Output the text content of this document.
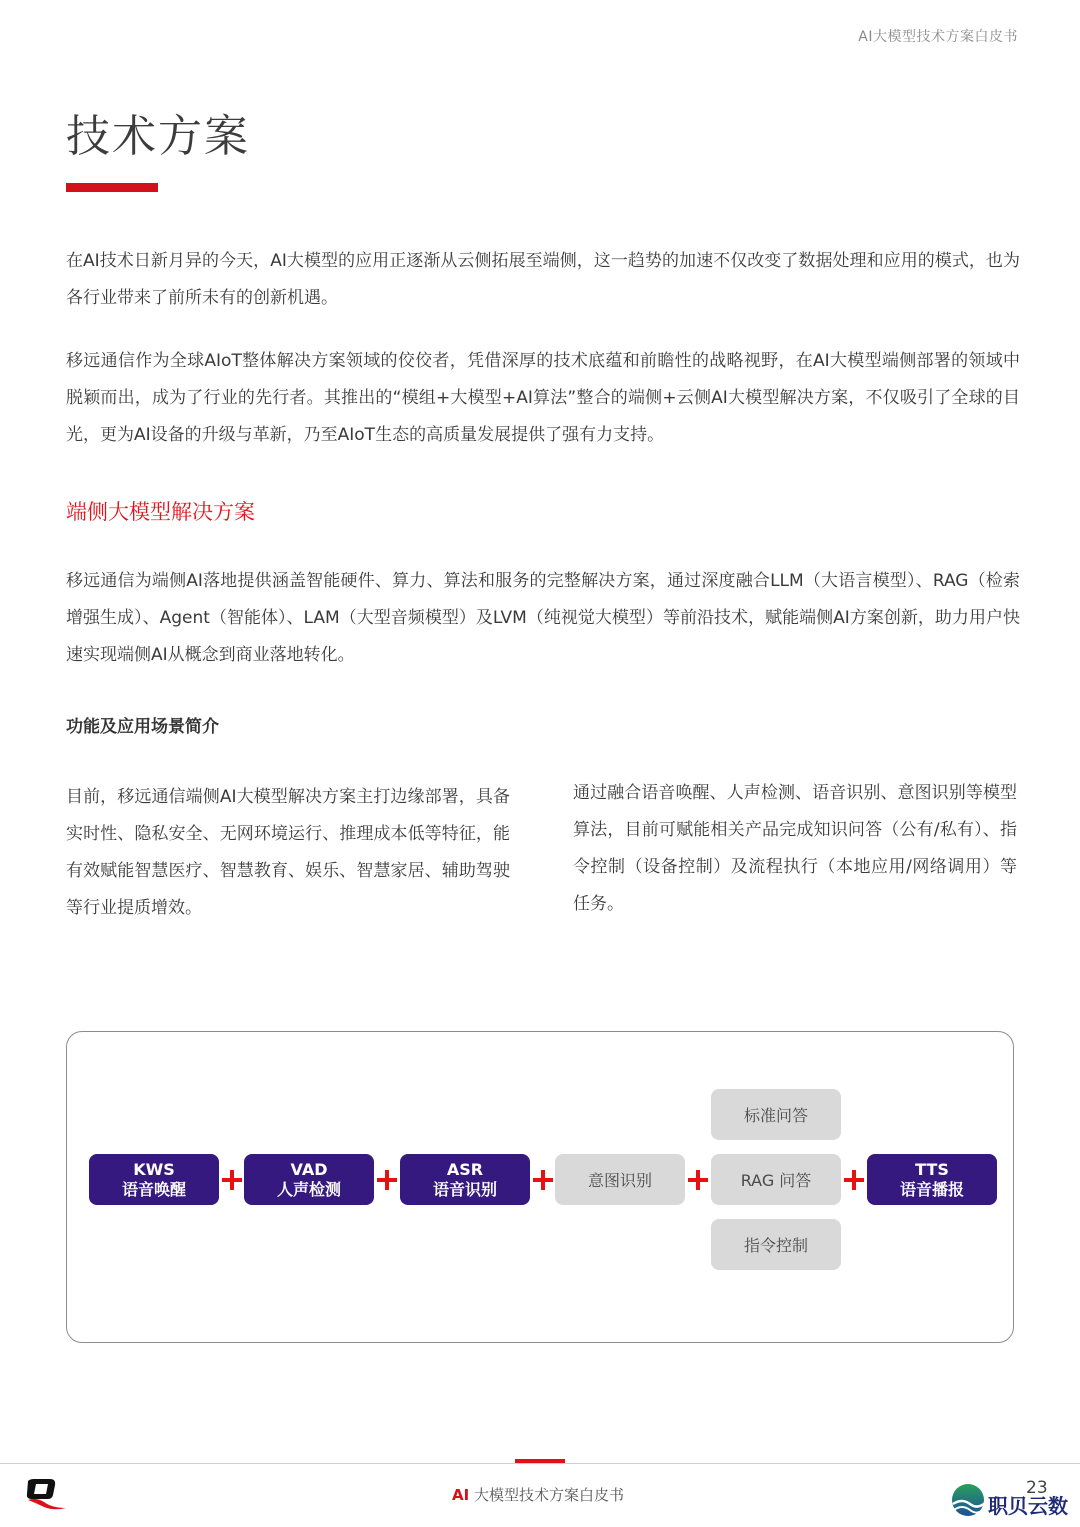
AI大模型技术方案白皮书
技术方案
在AI技术日新月异的今天，AI大模型的应用正逐渐从云侧拓展至端侧，这一趋势的加速不仅改变了数据处理和应用的模式，也为各行业带来了前所未有的创新机遇。
移远通信作为全球AIoT整体解决方案领域的佼佼者，凭借深厚的技术底蕴和前瞻性的战略视野，在AI大模型端侧部署的领域中脱颖而出，成为了行业的先行者。其推出的“模组+大模型+AI算法”整合的端侧+云侧AI大模型解决方案，不仅吸引了全球的目光，更为AI设备的升级与革新，乃至AIoT生态的高质量发展提供了强有力支持。
端侧大模型解决方案
移远通信为端侧AI落地提供涵盖智能硬件、算力、算法和服务的完整解决方案，通过深度融合LLM（大语言模型）、RAG（检索增强生成）、Agent（智能体）、LAM（大型音频模型）及LVM（纯视觉大模型）等前沿技术，赋能端侧AI方案创新，助力用户快速实现端侧AI从概念到商业落地转化。
功能及应用场景简介
目前，移远通信端侧AI大模型解决方案主打边缘部署，具备实时性、隐私安全、无网环境运行、推理成本低等特征，能有效赋能智慧医疗、智慧教育、娱乐、智慧家居、辅助驾驶等行业提质增效。
通过融合语音唤醒、人声检测、语音识别、意图识别等模型算法，目前可赋能相关产品完成知识问答（公有/私有）、指令控制（设备控制）及流程执行（本地应用/网络调用）等任务。
KWS
语音唤醒
VAD
人声检测
ASR
语音识别	意图识别
标准问答
RAG 问答
指令控制
TTS
语音播报
AI 大模型技术方案白皮书	职贝云数
23
